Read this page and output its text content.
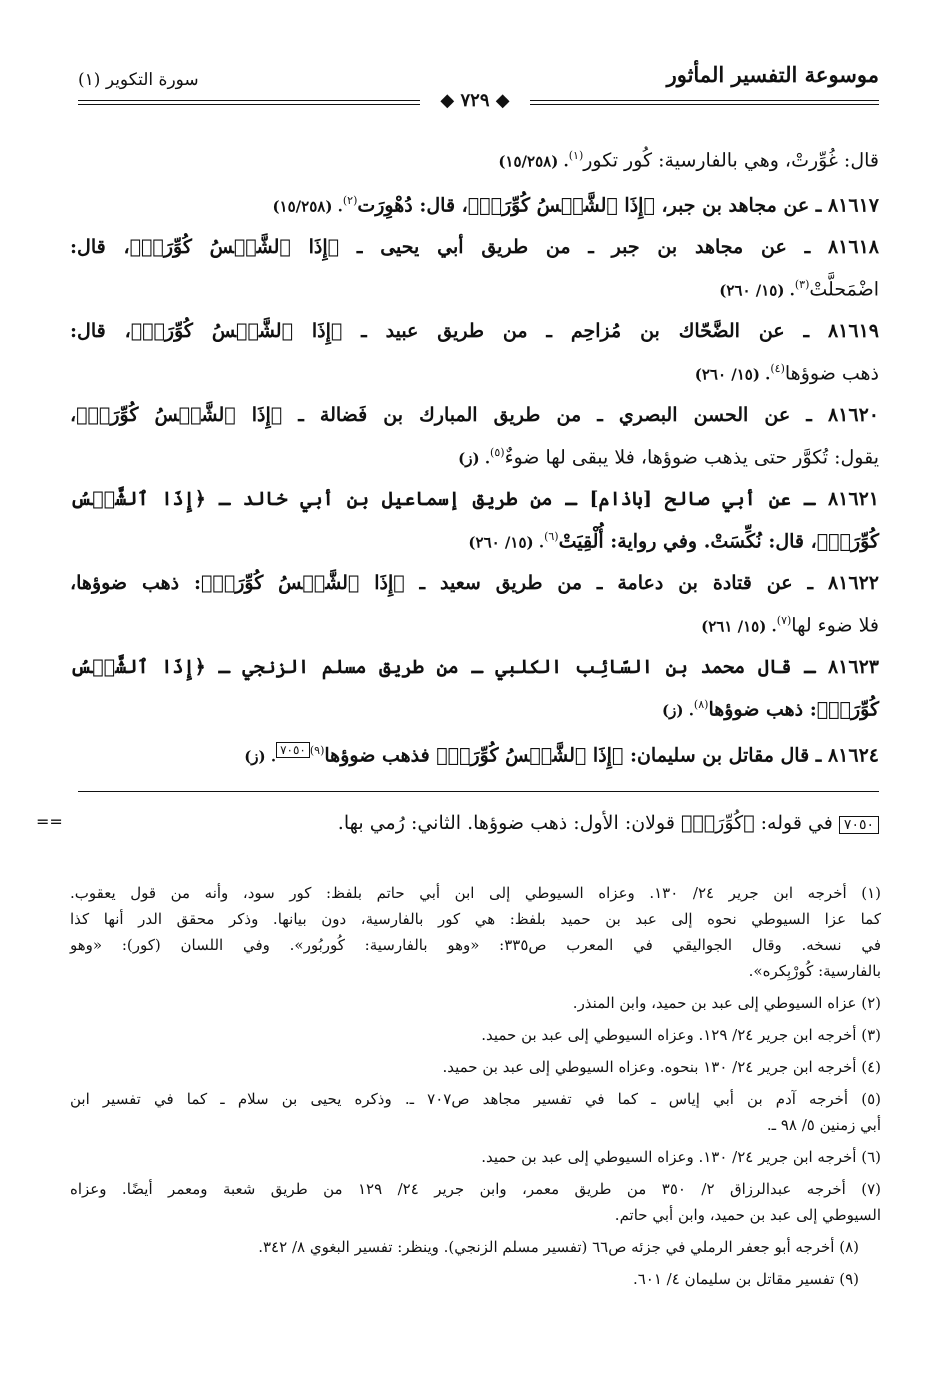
موسوعة التفسير المأثور
سورة التكوير (١)
◆ ٧٢٩ ◆
قال: غُوِّرتْ، وهي بالفارسية: كُور تكور$^{(١)}$. (١٥/٢٥٨)
٨١٦١٧ ـ عن مجاهد بن جبر، ﴿إِذَا ٱلشَّمۡسُ كُوِّرَتۡ﴾، قال: دُهْوِرَت$^{(٢)}$. (١٥/٢٥٨)
٨١٦١٨ ـ عن مجاهد بن جبر ـ من طريق أبي يحيى ـ ﴿إِذَا ٱلشَّمۡسُ كُوِّرَتۡ﴾، قال:
اضْمَحلَّتْ$^{(٣)}$. (١٥/ ٢٦٠)
٨١٦١٩ ـ عن الضَّحّاك بن مُزاحِم ـ من طريق عبيد ـ ﴿إِذَا ٱلشَّمۡسُ كُوِّرَتۡ﴾، قال:
ذهب ضوؤها$^{(٤)}$. (١٥/ ٢٦٠)
٨١٦٢٠ ـ عن الحسن البصري ـ من طريق المبارك بن فَضالة ـ ﴿إِذَا ٱلشَّمۡسُ كُوِّرَتۡ﴾،
يقول: تُكوَّر حتى يذهب ضوؤها، فلا يبقى لها ضوءٌ$^{(٥)}$. (ز)
٨١٦٢١ ـ عن أبي صالح [باذام] ـ من طريق إسماعيل بن أبي خالد ـ ﴿إِذَا ٱلشَّمۡسُ
كُوِّرَتۡ﴾، قال: نُكِّسَتْ. وفي رواية: أُلْقِيَتْ$^{(٦)}$. (١٥/ ٢٦٠)
٨١٦٢٢ ـ عن قتادة بن دعامة ـ من طريق سعيد ـ ﴿إِذَا ٱلشَّمۡسُ كُوِّرَتۡ﴾: ذهب ضوؤها،
فلا ضوء لها$^{(٧)}$. (١٥/ ٢٦١)
٨١٦٢٣ ـ قال محمد بن السّائِب الكلبي ـ من طريق مسلم الزنجي ـ ﴿إِذَا ٱلشَّمۡسُ
كُوِّرَتۡ﴾: ذهب ضوؤها$^{(٨)}$. (ز)
٨١٦٢٤ ـ قال مقاتل بن سليمان: ﴿إِذَا ٱلشَّمۡسُ كُوِّرَتۡ﴾ فذهب ضوؤها$^{(٩)}$٧٠٥٠. (ز)
٧٠٥٠ في قوله: ﴿كُوِّرَتۡ﴾ قولان: الأول: ذهب ضوؤها. الثاني: رُمي بها.
==
(١) أخرجه ابن جرير ٢٤/ ١٣٠. وعزاه السيوطي إلى ابن أبي حاتم بلفظ: كور سود، وأنه من قول يعقوب.
كما عزا السيوطي نحوه إلى عبد بن حميد بلفظ: هي كور بالفارسية، دون بيانها. وذكر محقق الدر أنها كذا
في نسخه. وقال الجواليقي في المعرب ص٣٣٥: «وهو بالفارسية: كُوربُور». وفي اللسان (كور): «وهو
بالفارسية: كُورْبِكره».
(٢) عزاه السيوطي إلى عبد بن حميد، وابن المنذر.
(٣) أخرجه ابن جرير ٢٤/ ١٢٩. وعزاه السيوطي إلى عبد بن حميد.
(٤) أخرجه ابن جرير ٢٤/ ١٣٠ بنحوه. وعزاه السيوطي إلى عبد بن حميد.
(٥) أخرجه آدم بن أبي إياس ـ كما في تفسير مجاهد ص٧٠٧ ـ. وذكره يحيى بن سلام ـ كما في تفسير ابن
أبي زمنين ٥/ ٩٨ ـ.
(٦) أخرجه ابن جرير ٢٤/ ١٣٠. وعزاه السيوطي إلى عبد بن حميد.
(٧) أخرجه عبدالرزاق ٢/ ٣٥٠ من طريق معمر، وابن جرير ٢٤/ ١٢٩ من طريق شعبة ومعمر أيضًا. وعزاه
السيوطي إلى عبد بن حميد، وابن أبي حاتم.
(٨) أخرجه أبو جعفر الرملي في جزئه ص٦٦ (تفسير مسلم الزنجي). وينظر: تفسير البغوي ٨/ ٣٤٢.
(٩) تفسير مقاتل بن سليمان ٤/ ٦٠١.
